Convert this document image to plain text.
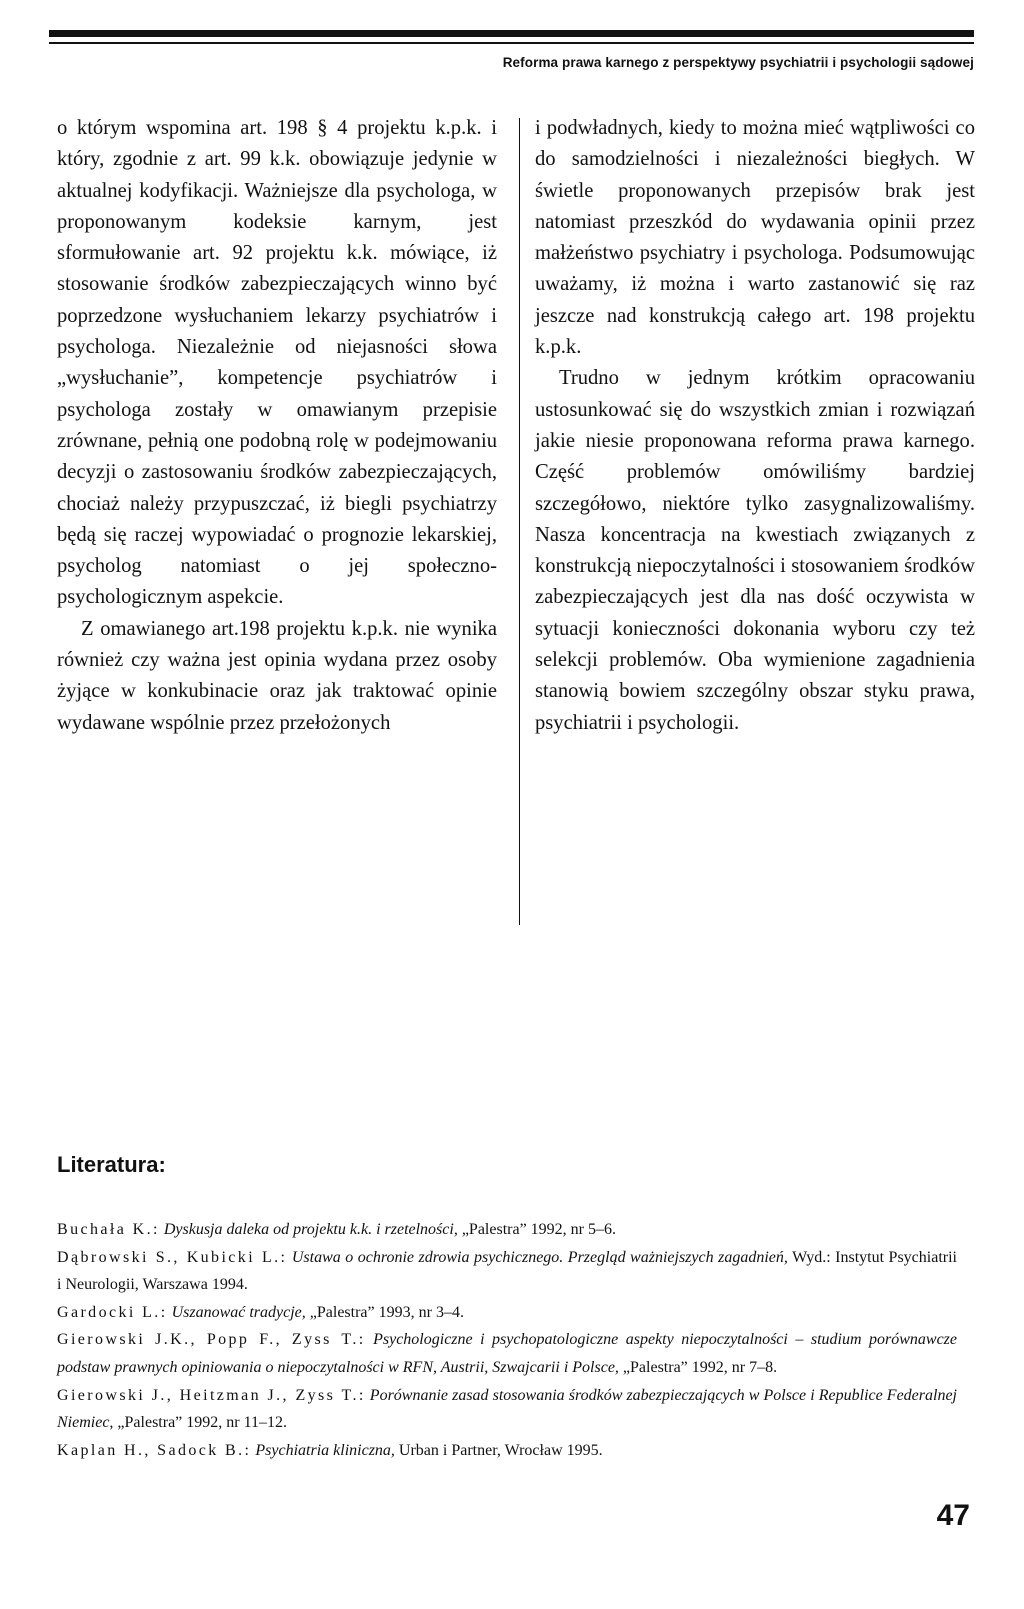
Reforma prawa karnego z perspektywy psychiatrii i psychologii sądowej

o którym wspomina art. 198 § 4 projektu k.p.k. i który, zgodnie z art. 99 k.k. obowiązuje jedynie w aktualnej kodyfikacji. Ważniejsze dla psychologa, w proponowanym kodeksie karnym, jest sformułowanie art. 92 projektu k.k. mówiące, iż stosowanie środków zabezpieczających winno być poprzedzone wysłuchaniem lekarzy psychiatrów i psychologa. Niezależnie od niejasności słowa „wysłuchanie”, kompetencje psychiatrów i psychologa zostały w omawianym przepisie zrównane, pełnią one podobną rolę w podejmowaniu decyzji o zastosowaniu środków zabezpieczających, chociaż należy przypuszczać, iż biegli psychiatrzy będą się raczej wypowiadać o prognozie lekarskiej, psycholog natomiast o jej społeczno-psychologicznym aspekcie.

Z omawianego art.198 projektu k.p.k. nie wynika również czy ważna jest opinia wydana przez osoby żyjące w konkubinacie oraz jak traktować opinie wydawane wspólnie przez przełożonych

i podwładnych, kiedy to można mieć wątpliwości co do samodzielności i niezależności biegłych. W świetle proponowanych przepisów brak jest natomiast przeszkód do wydawania opinii przez małżeństwo psychiatry i psychologa. Podsumowując uważamy, iż można i warto zastanowić się raz jeszcze nad konstrukcją całego art. 198 projektu k.p.k.

Trudno w jednym krótkim opracowaniu ustosunkować się do wszystkich zmian i rozwiązań jakie niesie proponowana reforma prawa karnego. Część problemów omówiliśmy bardziej szczegółowo, niektóre tylko zasygnalizowaliśmy. Nasza koncentracja na kwestiach związanych z konstrukcją niepoczytalności i stosowaniem środków zabezpieczających jest dla nas dość oczywista w sytuacji konieczności dokonania wyboru czy też selekcji problemów. Oba wymienione zagadnienia stanowią bowiem szczególny obszar styku prawa, psychiatrii i psychologii.

Literatura:

Buchała K.: Dyskusja daleka od projektu k.k. i rzetelności, „Palestra” 1992, nr 5–6.

Dąbrowski S., Kubicki L.: Ustawa o ochronie zdrowia psychicznego. Przegląd ważniejszych zagadnień, Wyd.: Instytut Psychiatrii i Neurologii, Warszawa 1994.

Gardocki L.: Uszanować tradycje, „Palestra” 1993, nr 3–4.

Gierowski J.K., Popp F., Zyss T.: Psychologiczne i psychopatologiczne aspekty niepoczytalności – studium porównawcze podstaw prawnych opiniowania o niepoczytalności w RFN, Austrii, Szwajcarii i Polsce, „Palestra” 1992, nr 7–8.

Gierowski J., Heitzman J., Zyss T.: Porównanie zasad stosowania środków zabezpieczających w Polsce i Republice Federalnej Niemiec, „Palestra” 1992, nr 11–12.

Kaplan H., Sadock B.: Psychiatria kliniczna, Urban i Partner, Wrocław 1995.

47
